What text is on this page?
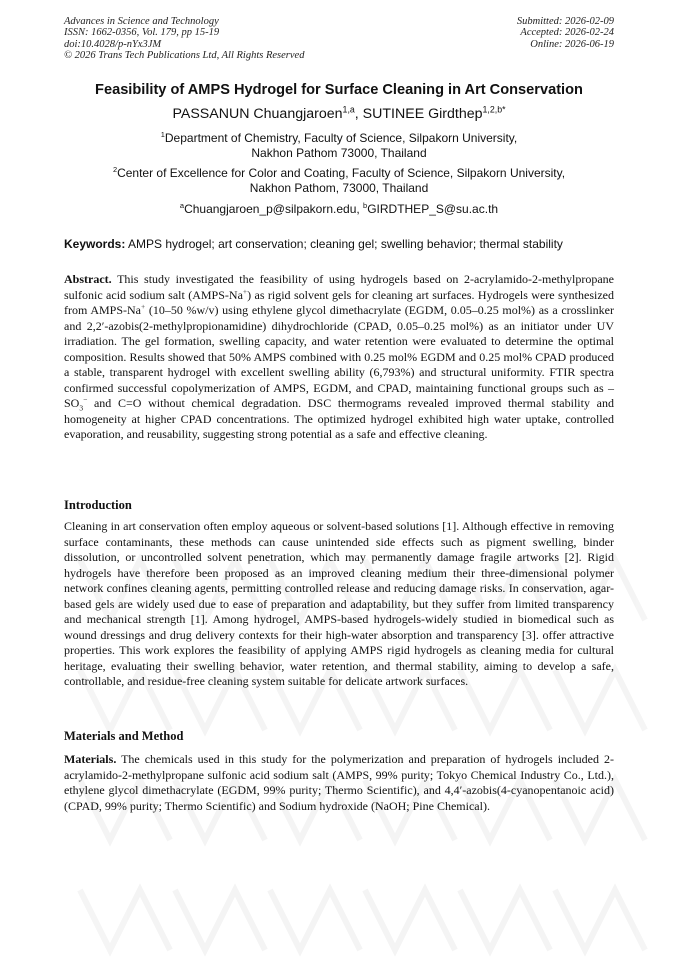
Advances in Science and Technology
ISSN: 1662-0356, Vol. 179, pp 15-19
doi:10.4028/p-nYx3JM
© 2026 Trans Tech Publications Ltd, All Rights Reserved
Submitted: 2026-02-09
Accepted: 2026-02-24
Online: 2026-06-19
Feasibility of AMPS Hydrogel for Surface Cleaning in Art Conservation
PASSANUN Chuangjaroen$^{1,a}$, SUTINEE Girdthep$^{1,2,b*}$
$^1$Department of Chemistry, Faculty of Science, Silpakorn University,
Nakhon Pathom 73000, Thailand
$^2$Center of Excellence for Color and Coating, Faculty of Science, Silpakorn University,
Nakhon Pathom, 73000, Thailand
$^a$Chuangjaroen_p@silpakorn.edu, $^b$GIRDTHEP_S@su.ac.th
Keywords: AMPS hydrogel; art conservation; cleaning gel; swelling behavior; thermal stability
Abstract. This study investigated the feasibility of using hydrogels based on 2-acrylamido-2-methylpropane sulfonic acid sodium salt (AMPS-Na+) as rigid solvent gels for cleaning art surfaces. Hydrogels were synthesized from AMPS-Na+ (10–50 %w/v) using ethylene glycol dimethacrylate (EGDM, 0.05–0.25 mol%) as a crosslinker and 2,2′-azobis(2-methylpropionamidine) dihydrochloride (CPAD, 0.05–0.25 mol%) as an initiator under UV irradiation. The gel formation, swelling capacity, and water retention were evaluated to determine the optimal composition. Results showed that 50% AMPS combined with 0.25 mol% EGDM and 0.25 mol% CPAD produced a stable, transparent hydrogel with excellent swelling ability (6,793%) and structural uniformity. FTIR spectra confirmed successful copolymerization of AMPS, EGDM, and CPAD, maintaining functional groups such as $-SO_3^-$ and C=O without chemical degradation. DSC thermograms revealed improved thermal stability and homogeneity at higher CPAD concentrations. The optimized hydrogel exhibited high water uptake, controlled evaporation, and reusability, suggesting strong potential as a safe and effective cleaning.
Introduction
Cleaning in art conservation often employ aqueous or solvent-based solutions [1]. Although effective in removing surface contaminants, these methods can cause unintended side effects such as pigment swelling, binder dissolution, or uncontrolled solvent penetration, which may permanently damage fragile artworks [2]. Rigid hydrogels have therefore been proposed as an improved cleaning medium their three-dimensional polymer network confines cleaning agents, permitting controlled release and reducing damage risks. In conservation, agar-based gels are widely used due to ease of preparation and adaptability, but they suffer from limited transparency and mechanical strength [1]. Among hydrogel, AMPS-based hydrogels-widely studied in biomedical such as wound dressings and drug delivery contexts for their high-water absorption and transparency [3]. offer attractive properties. This work explores the feasibility of applying AMPS rigid hydrogels as cleaning media for cultural heritage, evaluating their swelling behavior, water retention, and thermal stability, aiming to develop a safe, controllable, and residue-free cleaning system suitable for delicate artwork surfaces.
Materials and Method
Materials. The chemicals used in this study for the polymerization and preparation of hydrogels included 2-acrylamido-2-methylpropane sulfonic acid sodium salt (AMPS, 99% purity; Tokyo Chemical Industry Co., Ltd.), ethylene glycol dimethacrylate (EGDM, 99% purity; Thermo Scientific), and 4,4′-azobis(4-cyanopentanoic acid) (CPAD, 99% purity; Thermo Scientific) and Sodium hydroxide (NaOH; Pine Chemical).
